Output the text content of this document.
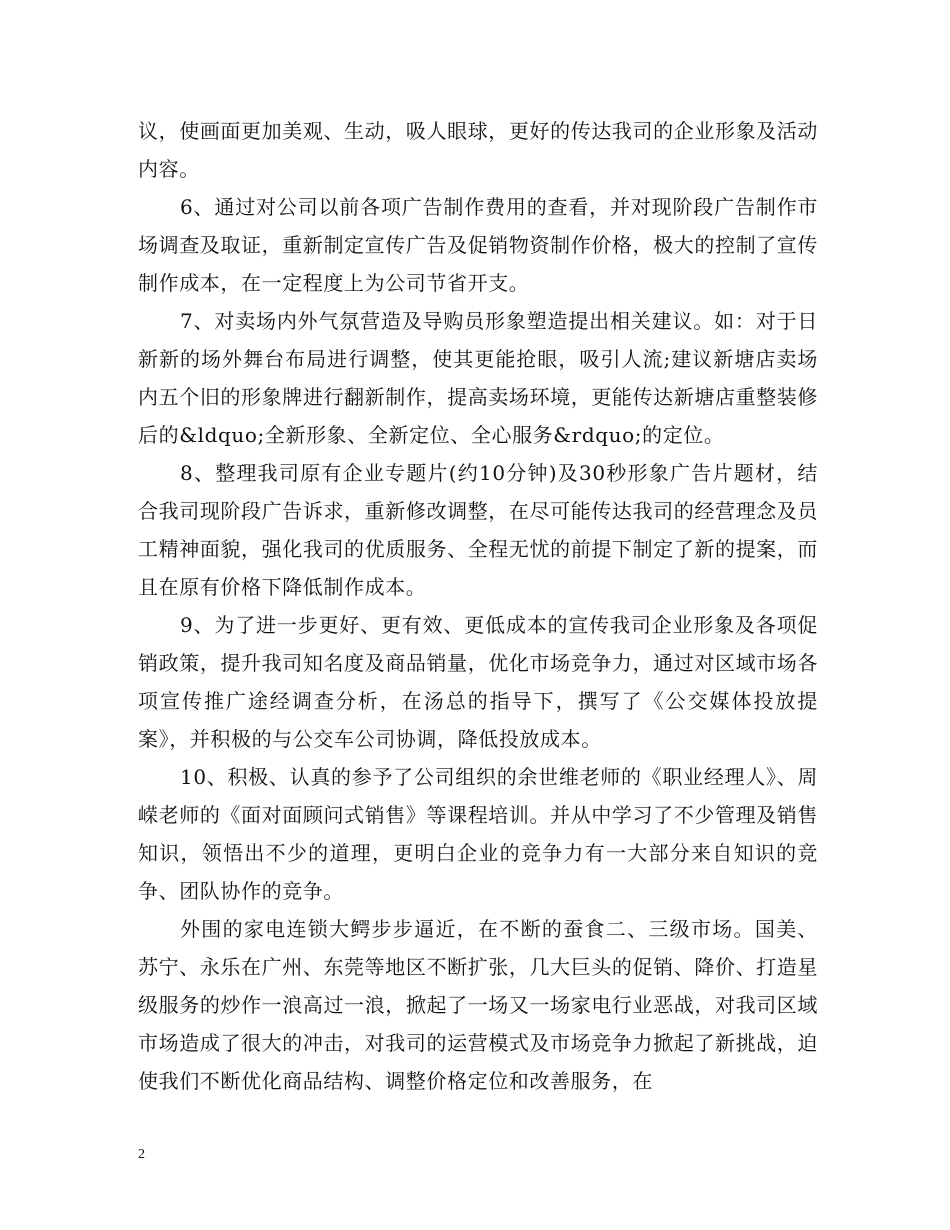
议，使画面更加美观、生动，吸人眼球，更好的传达我司的企业形象及活动内容。

6、通过对公司以前各项广告制作费用的查看，并对现阶段广告制作市场调查及取证，重新制定宣传广告及促销物资制作价格，极大的控制了宣传制作成本，在一定程度上为公司节省开支。

7、对卖场内外气氛营造及导购员形象塑造提出相关建议。如：对于日新新的场外舞台布局进行调整，使其更能抢眼，吸引人流;建议新塘店卖场内五个旧的形象牌进行翻新制作，提高卖场环境，更能传达新塘店重整装修后的&ldquo;全新形象、全新定位、全心服务&rdquo;的定位。

8、整理我司原有企业专题片(约10分钟)及30秒形象广告片题材，结合我司现阶段广告诉求，重新修改调整，在尽可能传达我司的经营理念及员工精神面貌，强化我司的优质服务、全程无忧的前提下制定了新的提案，而且在原有价格下降低制作成本。

9、为了进一步更好、更有效、更低成本的宣传我司企业形象及各项促销政策，提升我司知名度及商品销量，优化市场竞争力，通过对区域市场各项宣传推广途经调查分析，在汤总的指导下，撰写了《公交媒体投放提案》，并积极的与公交车公司协调，降低投放成本。

10、积极、认真的参予了公司组织的余世维老师的《职业经理人》、周嵘老师的《面对面顾问式销售》等课程培训。并从中学习了不少管理及销售知识，领悟出不少的道理，更明白企业的竞争力有一大部分来自知识的竞争、团队协作的竞争。

外围的家电连锁大鳄步步逼近，在不断的蚕食二、三级市场。国美、苏宁、永乐在广州、东莞等地区不断扩张，几大巨头的促销、降价、打造星级服务的炒作一浪高过一浪，掀起了一场又一场家电行业恶战，对我司区域市场造成了很大的冲击，对我司的运营模式及市场竞争力掀起了新挑战，迫使我们不断优化商品结构、调整价格定位和改善服务，在

2
